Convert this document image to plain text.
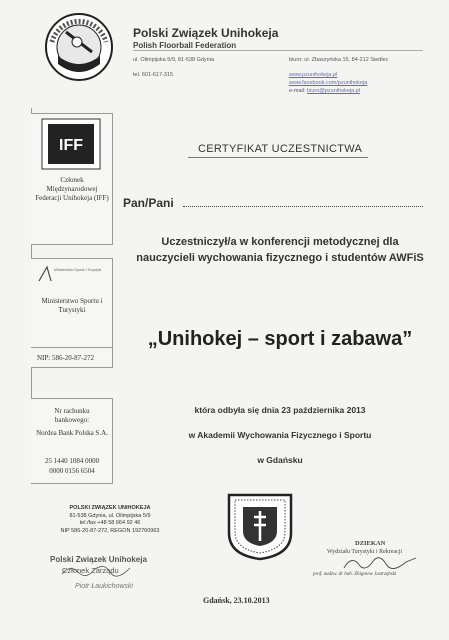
Polski Związek Unihokeja
Polish Floorball Federation
ul. Olimpijska 5/9, 81-538 Gdynia
tel. 601-617-315
biuro: ul. Zbaszyńska 15, 84-212 Siedlec
www.pzunihokeja.pl
www.facebook.com/pzunihokeja
e-mail: biuro@pzunihokeja.pl
IFF
Członek Międzynarodowej Federacji Unihokeja (IFF)
Ministerstwo Sportu i Turystyki
Ministerstwo Sportu i Turystyki
NIP: 586-20-87-272
Nr rachunku bankowego:
Nordea Bank Polska S.A.
25 1440 1084 0000
0000 0156 6504
POLSKI ZWIĄZEK UNIHOKEJA
81-538 Gdynia, ul. Olimpijska 5/9
tel./fax +48 58 664 92 46
NIP 586-20-87-272, REGON 192760963
Polski Związek Unihokeja
Członek Zarządu
Piotr Łaukichowski
CERTYFIKAT UCZESTNICTWA
Pan/Pani
Uczestniczył/a w konferencji metodycznej dla
nauczycieli wychowania fizycznego i studentów AWFiS
„Unihokej – sport i zabawa”
która odbyła się dnia 23 października 2013
w Akademii Wychowania Fizycznego i Sportu
w Gdańsku
DZIEKAN
Wydziału Turystyki i Rekreacji
prof. nadzw. dr hab. Zbigniew Jastrzębski
Gdańsk, 23.10.2013
